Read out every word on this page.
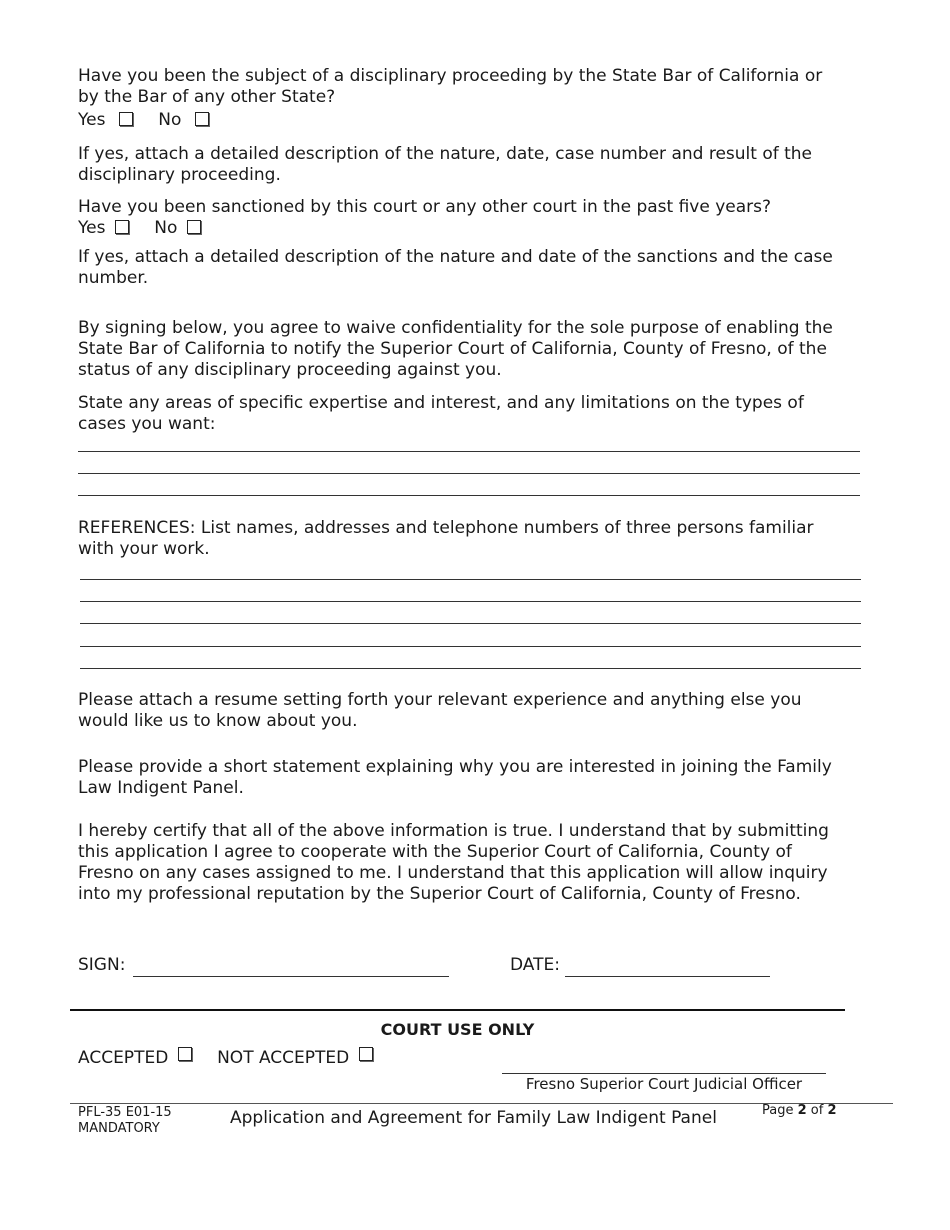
Have you been the subject of a disciplinary proceeding by the State Bar of California or by the Bar of any other State?

Yes	No

If yes, attach a detailed description of the nature, date, case number and result of the disciplinary proceeding.

Have you been sanctioned by this court or any other court in the past five years?

Yes	No

If yes, attach a detailed description of the nature and date of the sanctions and the case number.

By signing below, you agree to waive confidentiality for the sole purpose of enabling the State Bar of California to notify the Superior Court of California, County of Fresno, of the status of any disciplinary proceeding against you.

State any areas of specific expertise and interest, and any limitations on the types of cases you want:

REFERENCES: List names, addresses and telephone numbers of three persons familiar with your work.

Please attach a resume setting forth your relevant experience and anything else you would like us to know about you.

Please provide a short statement explaining why you are interested in joining the Family Law Indigent Panel.

I hereby certify that all of the above information is true. I understand that by submitting this application I agree to cooperate with the Superior Court of California, County of Fresno on any cases assigned to me. I understand that this application will allow inquiry into my professional reputation by the Superior Court of California, County of Fresno.

SIGN:	DATE:
COURT USE ONLY
ACCEPTED	NOT ACCEPTED
Fresno Superior Court Judicial Officer
PFL-35 E01-15
MANDATORY
Application and Agreement for Family Law Indigent Panel	Page 2 of 2
